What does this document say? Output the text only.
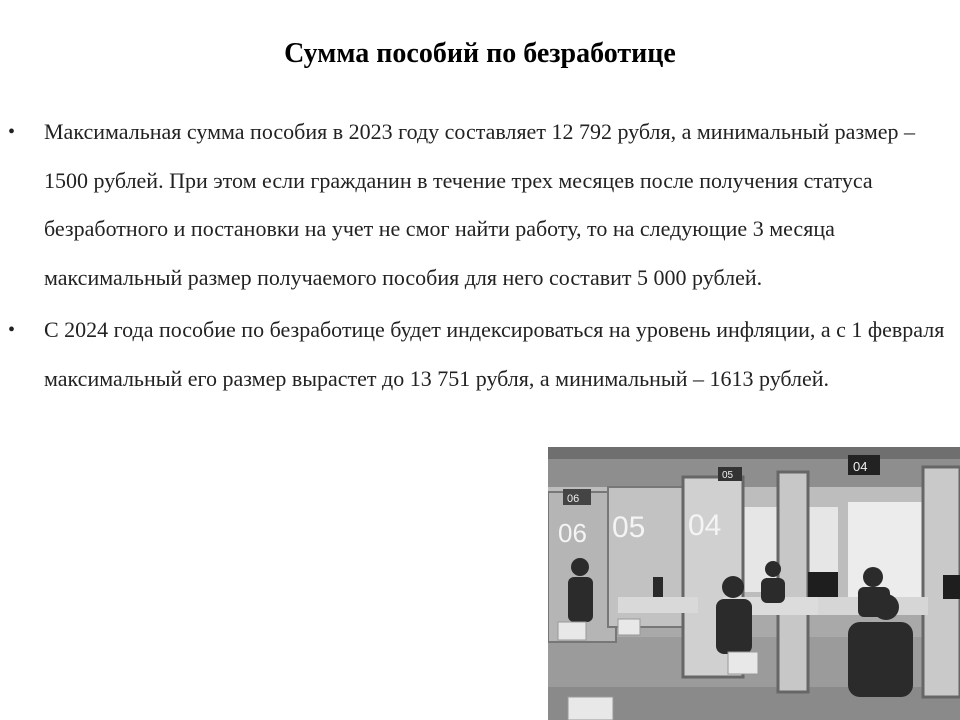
Сумма пособий по безработице
• Максимальная сумма пособия в 2023 году составляет 12 792 рубля, а минимальный размер – 1500 рублей. При этом если гражданин в течение трех месяцев после получения статуса безработного и постановки на учет не смог найти работу, то на следующие 3 месяца максимальный размер получаемого пособия для него составит 5 000 рублей.
• С 2024 года пособие по безработице будет индексироваться на уровень инфляции, а с 1 февраля максимальный его размер вырастет до 13 751 рубля, а минимальный – 1613 рублей.
06 05 04
06
05
04
